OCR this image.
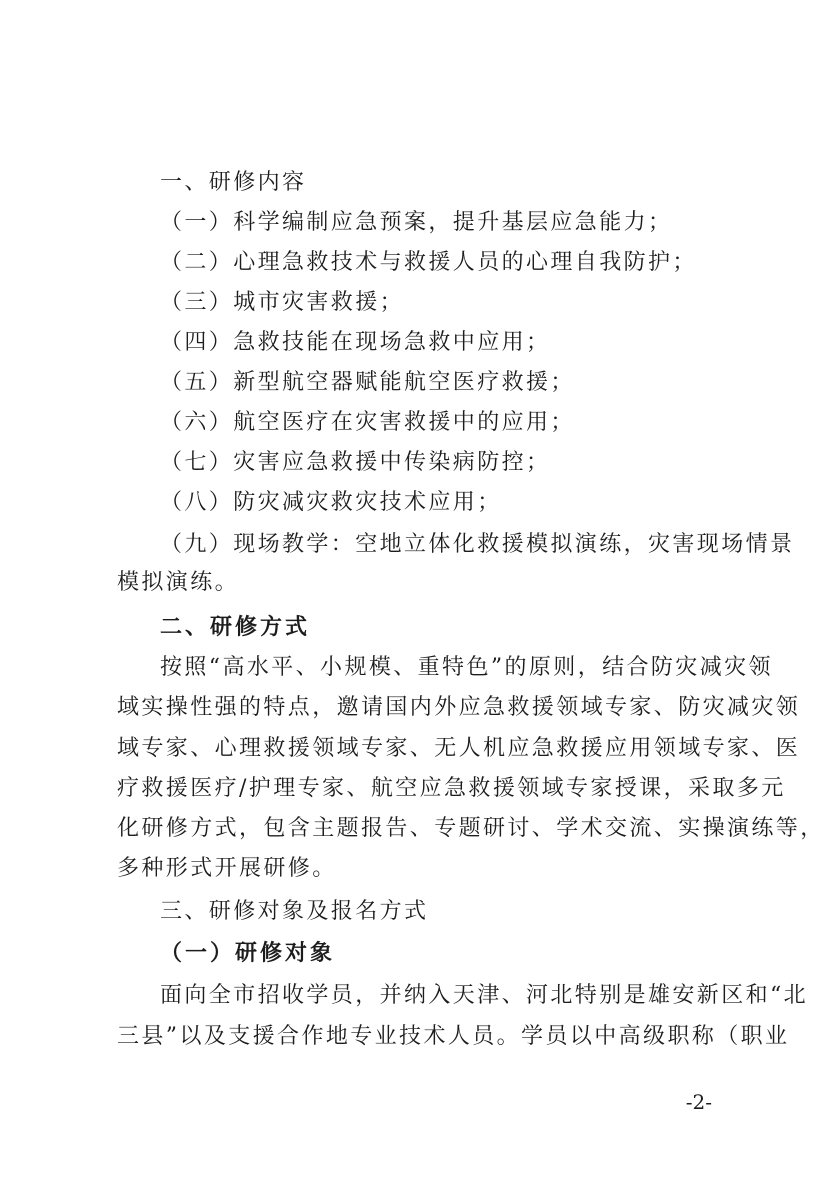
一、研修内容
（一）科学编制应急预案，提升基层应急能力；
（二）心理急救技术与救援人员的心理自我防护；
（三）城市灾害救援；
（四）急救技能在现场急救中应用；
（五）新型航空器赋能航空医疗救援；
（六）航空医疗在灾害救援中的应用；
（七）灾害应急救援中传染病防控；
（八）防灾减灾救灾技术应用；
（九）现场教学：空地立体化救援模拟演练，灾害现场情景
模拟演练。
二、研修方式
按照“高水平、小规模、重特色”的原则，结合防灾减灾领
域实操性强的特点，邀请国内外应急救援领域专家、防灾减灾领
域专家、心理救援领域专家、无人机应急救援应用领域专家、医
疗救援医疗/护理专家、航空应急救援领域专家授课，采取多元
化研修方式，包含主题报告、专题研讨、学术交流、实操演练等，
多种形式开展研修。
三、研修对象及报名方式
（一）研修对象
面向全市招收学员，并纳入天津、河北特别是雄安新区和“北
三县”以及支援合作地专业技术人员。学员以中高级职称（职业
-2-
